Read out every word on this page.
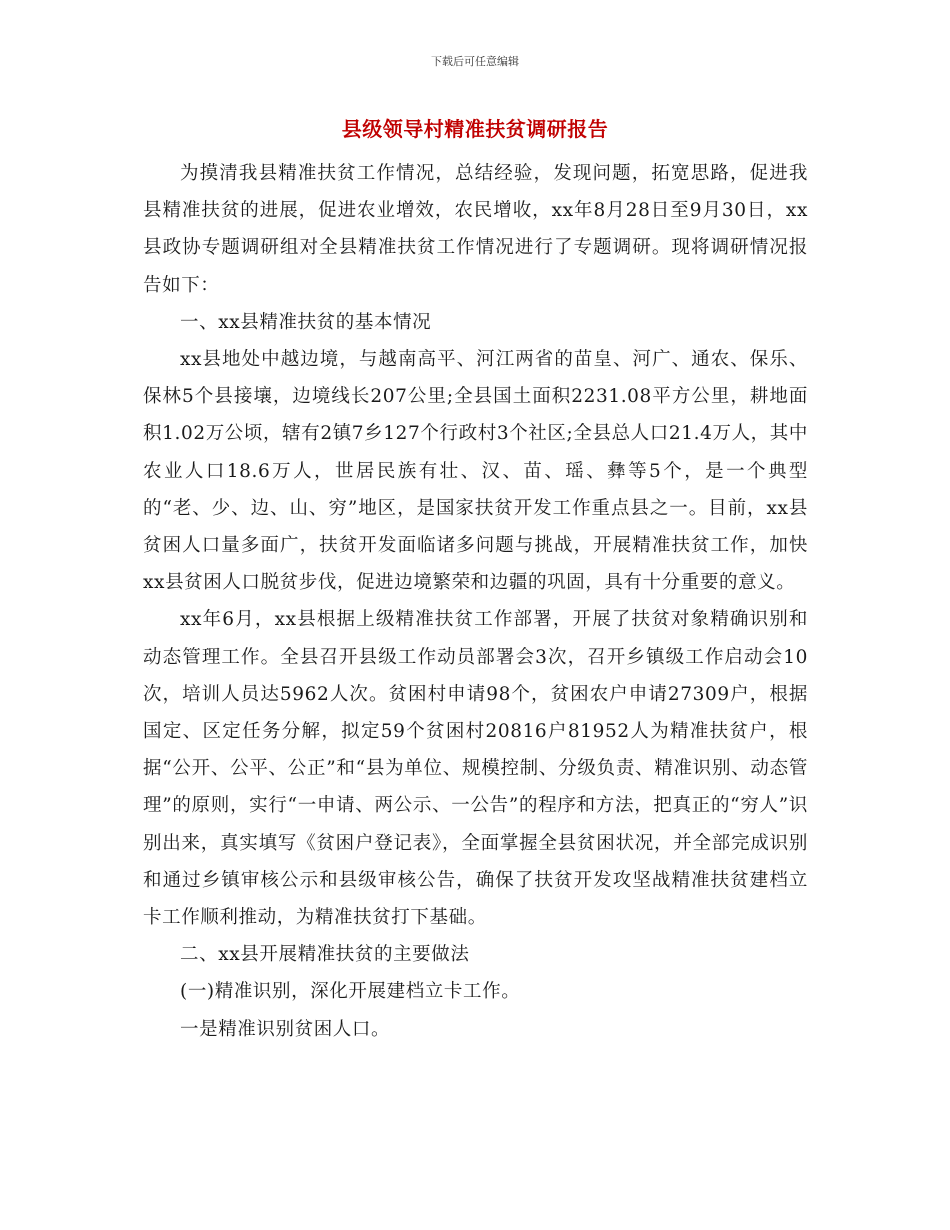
下载后可任意编辑
县级领导村精准扶贫调研报告

为摸清我县精准扶贫工作情况，总结经验，发现问题，拓宽思路，促进我县精准扶贫的进展，促进农业增效，农民增收，xx年8月28日至9月30日，xx县政协专题调研组对全县精准扶贫工作情况进行了专题调研。现将调研情况报告如下：

一、xx县精准扶贫的基本情况

xx县地处中越边境，与越南高平、河江两省的苗皇、河广、通农、保乐、保林5个县接壤，边境线长207公里;全县国土面积2231.08平方公里，耕地面积1.02万公顷，辖有2镇7乡127个行政村3个社区;全县总人口21.4万人，其中农业人口18.6万人，世居民族有壮、汉、苗、瑶、彝等5个，是一个典型的“老、少、边、山、穷”地区，是国家扶贫开发工作重点县之一。目前，xx县贫困人口量多面广，扶贫开发面临诸多问题与挑战，开展精准扶贫工作，加快xx县贫困人口脱贫步伐，促进边境繁荣和边疆的巩固，具有十分重要的意义。

xx年6月，xx县根据上级精准扶贫工作部署，开展了扶贫对象精确识别和动态管理工作。全县召开县级工作动员部署会3次，召开乡镇级工作启动会10次，培训人员达5962人次。贫困村申请98个，贫困农户申请27309户，根据国定、区定任务分解，拟定59个贫困村20816户81952人为精准扶贫户，根据“公开、公平、公正”和“县为单位、规模控制、分级负责、精准识别、动态管理”的原则，实行“一申请、两公示、一公告”的程序和方法，把真正的“穷人”识别出来，真实填写《贫困户登记表》，全面掌握全县贫困状况，并全部完成识别和通过乡镇审核公示和县级审核公告，确保了扶贫开发攻坚战精准扶贫建档立卡工作顺利推动，为精准扶贫打下基础。

二、xx县开展精准扶贫的主要做法

(一)精准识别，深化开展建档立卡工作。

一是精准识别贫困人口。
